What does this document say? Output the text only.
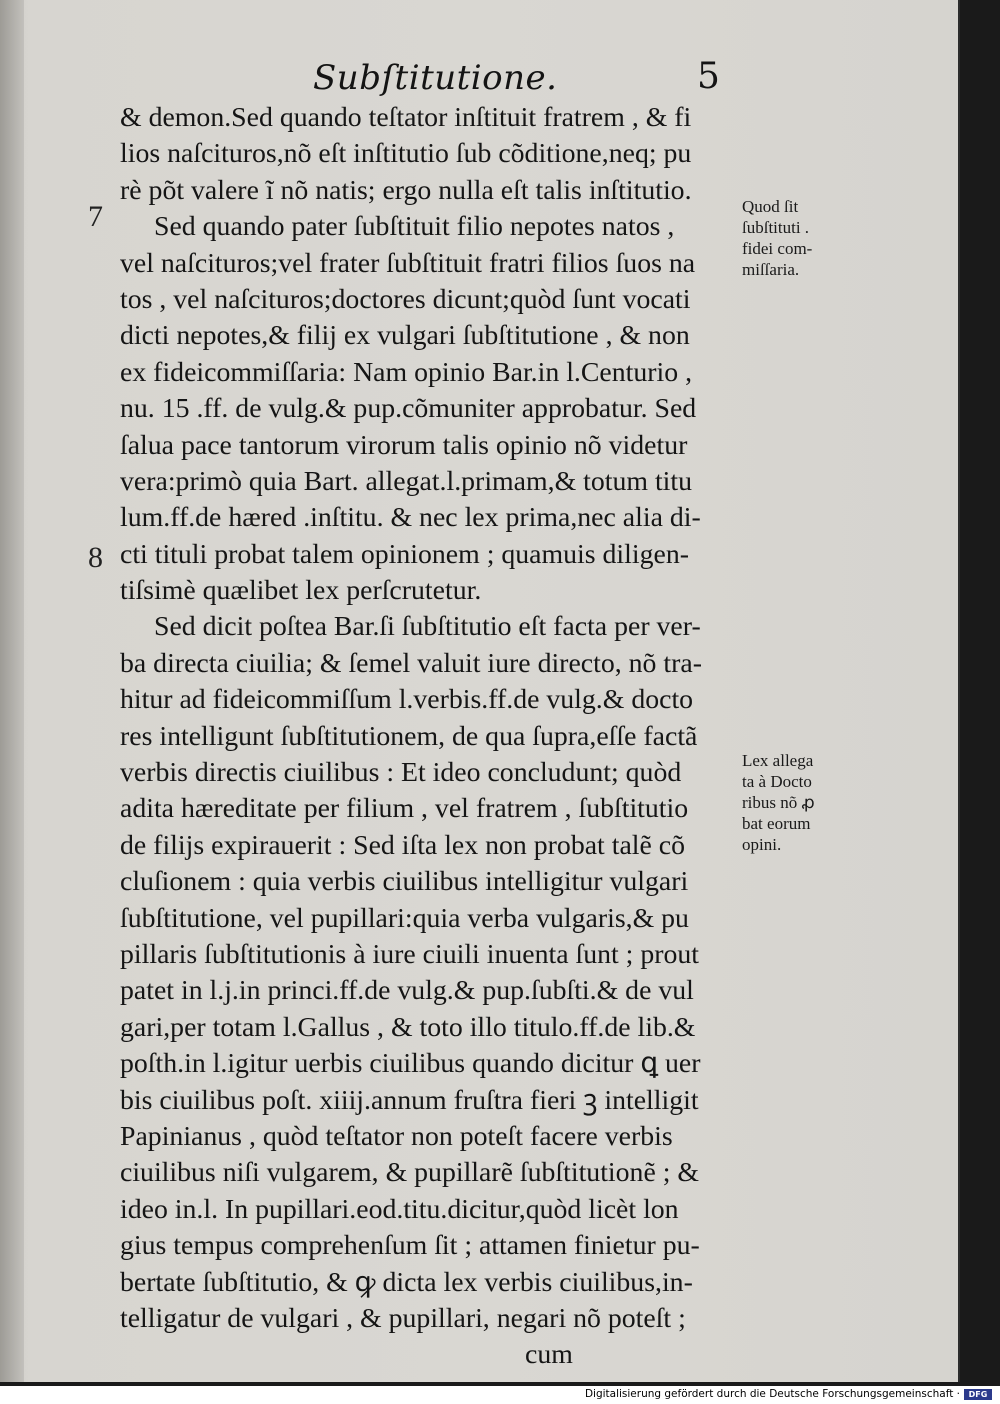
Subſtitutione.	5
7
8
& demon.Sed quando teſtator inſtituit fratrem , & fi
lios naſcituros,nõ eſt inſtitutio ſub cõditione,neq; pu
rè põt valere ĩ nõ natis; ergo nulla eſt talis inſtitutio.
Sed quando pater ſubſtituit filio nepotes natos ,
vel naſcituros;vel frater ſubſtituit fratri filios ſuos na
tos , vel naſcituros;doctores dicunt;quòd ſunt vocati
dicti nepotes,& filij ex vulgari ſubſtitutione , & non
ex fideicommiſſaria: Nam opinio Bar.in l.Centurio ,
nu. 15 .ff. de vulg.& pup.cõmuniter approbatur. Sed
ſalua pace tantorum virorum talis opinio nõ videtur
vera:primò quia Bart. allegat.l.primam,& totum titu
lum.ff.de hæred .inſtitu. & nec lex prima,nec alia di-
cti tituli probat talem opinionem ; quamuis diligen-
tiſsimè quælibet lex perſcrutetur.
Sed dicit poſtea Bar.ſi ſubſtitutio eſt facta per ver-
ba directa ciuilia; & ſemel valuit iure directo, nõ tra-
hitur ad fideicommiſſum l.verbis.ff.de vulg.& docto
res intelligunt ſubſtitutionem, de qua ſupra,eſſe factã
verbis directis ciuilibus : Et ideo concludunt; quòd
adita hæreditate per filium , vel fratrem , ſubſtitutio
de filijs expirauerit : Sed iſta lex non probat talẽ cõ
cluſionem : quia verbis ciuilibus intelligitur vulgari
ſubſtitutione, vel pupillari:quia verba vulgaris,& pu
pillaris ſubſtitutionis à iure ciuili inuenta ſunt ; prout
patet in l.j.in princi.ff.de vulg.& pup.ſubſti.& de vul
gari,per totam l.Gallus , & toto illo titulo.ff.de lib.&
poſth.in l.igitur uerbis ciuilibus quando dicitur ꝗ uer
bis ciuilibus poſt. xiiij.annum fruſtra fieri ꝫ intelligit
Papinianus , quòd teſtator non poteſt facere verbis
ciuilibus niſi vulgarem, & pupillarẽ ſubſtitutionẽ ; &
ideo in.l. In pupillari.eod.titu.dicitur,quòd licèt lon
gius tempus comprehenſum ſit ; attamen finietur pu-
bertate ſubſtitutio, & ꝙ dicta lex verbis ciuilibus,in-
telligatur de vulgari , & pupillari, negari nõ poteſt ;
cum
Quod ſit
ſubſtituti .
fidei com-
miſſaria.
Lex allega
ta à Docto
ribus nõ ꝓ
bat eorum
opini.
Digitalisierung gefördert durch die Deutsche Forschungsgemeinschaft ·	DFG
